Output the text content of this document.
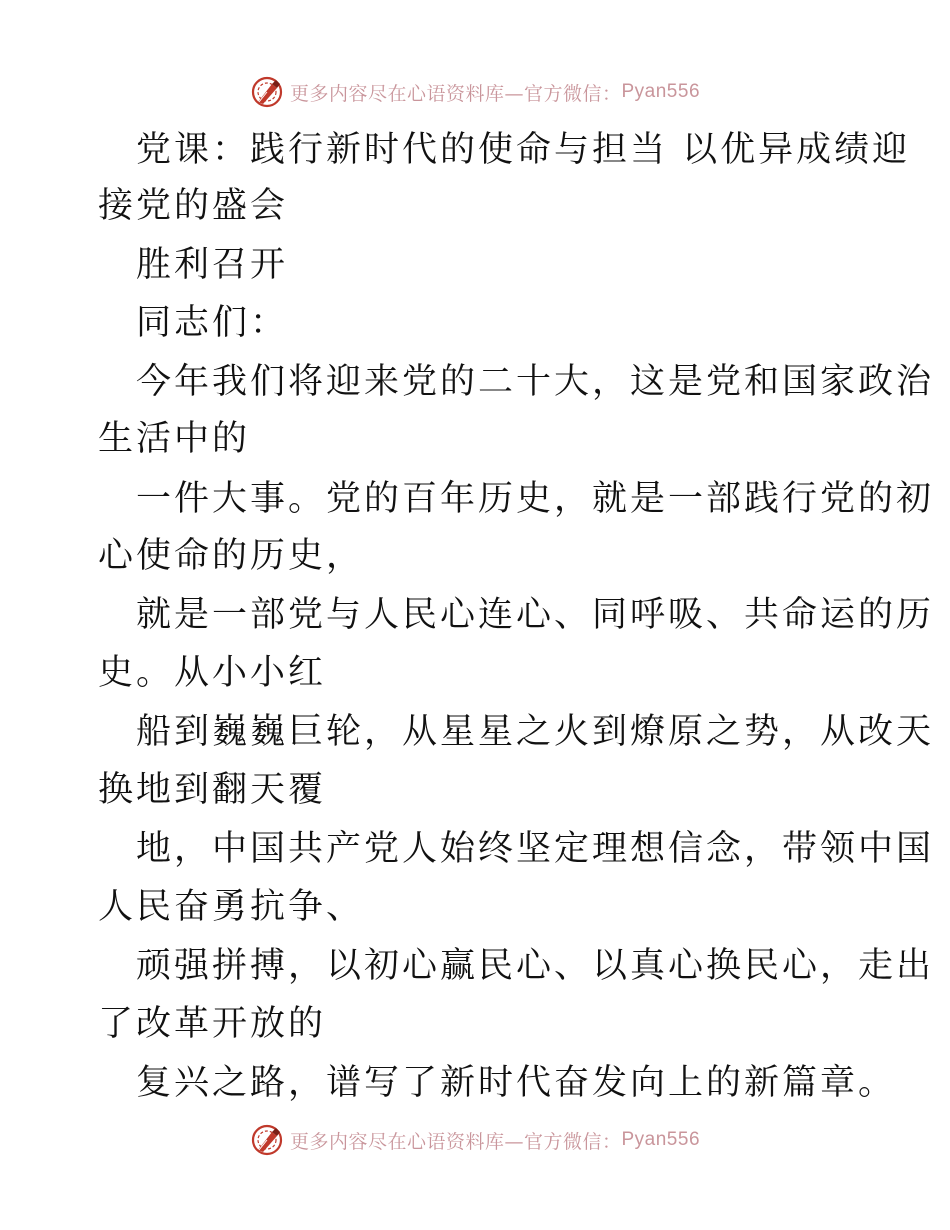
更多内容尽在心语资料库—官方微信： Pyan556
党课：践行新时代的使命与担当 以优异成绩迎
接党的盛会
胜利召开
同志们：
今年我们将迎来党的二十大，这是党和国家政治
生活中的
一件大事。党的百年历史，就是一部践行党的初
心使命的历史，
就是一部党与人民心连心、同呼吸、共命运的历
史。从小小红
船到巍巍巨轮，从星星之火到燎原之势，从改天
换地到翻天覆
地，中国共产党人始终坚定理想信念，带领中国
人民奋勇抗争、
顽强拼搏，以初心赢民心、以真心换民心，走出
了改革开放的
复兴之路，谱写了新时代奋发向上的新篇章。
更多内容尽在心语资料库—官方微信： Pyan556
